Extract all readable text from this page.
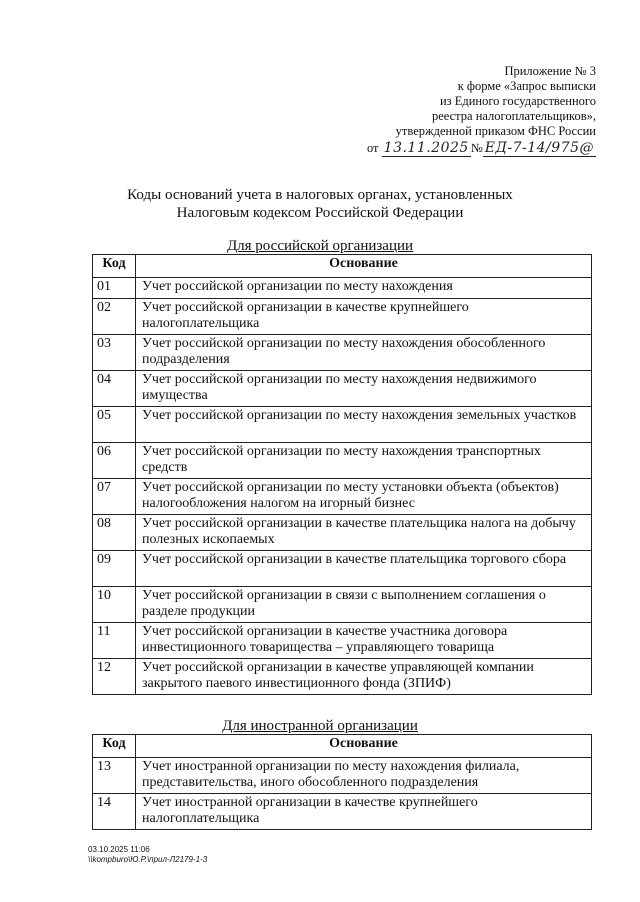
Приложение № 3
к форме «Запрос выписки
из Единого государственного
реестра налогоплательщиков»,
утвержденной приказом ФНС России
от
13.11.2025 № ЕД-7-14/975@
Коды оснований учета в налоговых органах, установленных
Налоговым кодексом Российской Федерации
Для российской организации
Код	Основание
01	Учет российской организации по месту нахождения
02	Учет российской организации в качестве крупнейшего налогоплательщика
03	Учет российской организации по месту нахождения обособленного подразделения
04	Учет российской организации по месту нахождения недвижимого имущества
05	Учет российской организации по месту нахождения земельных участков
06	Учет российской организации по месту нахождения транспортных средств
07	Учет российской организации по месту установки объекта (объектов) налогообложения налогом на игорный бизнес
08	Учет российской организации в качестве плательщика налога на добычу полезных ископаемых
09	Учет российской организации в качестве плательщика торгового сбора
10	Учет российской организации в связи с выполнением соглашения о разделе продукции
11	Учет российской организации в качестве участника договора инвестиционного товарищества – управляющего товарища
12	Учет российской организации в качестве управляющей компании закрытого паевого инвестиционного фонда (ЗПИФ)
Для иностранной организации
Код	Основание
13	Учет иностранной организации по месту нахождения филиала, представительства, иного обособленного подразделения
14	Учет иностранной организации в качестве крупнейшего налогоплательщика
03.10.2025 11:06
\\kompburo\Ю.Р.\прил-Л2179-1-3
